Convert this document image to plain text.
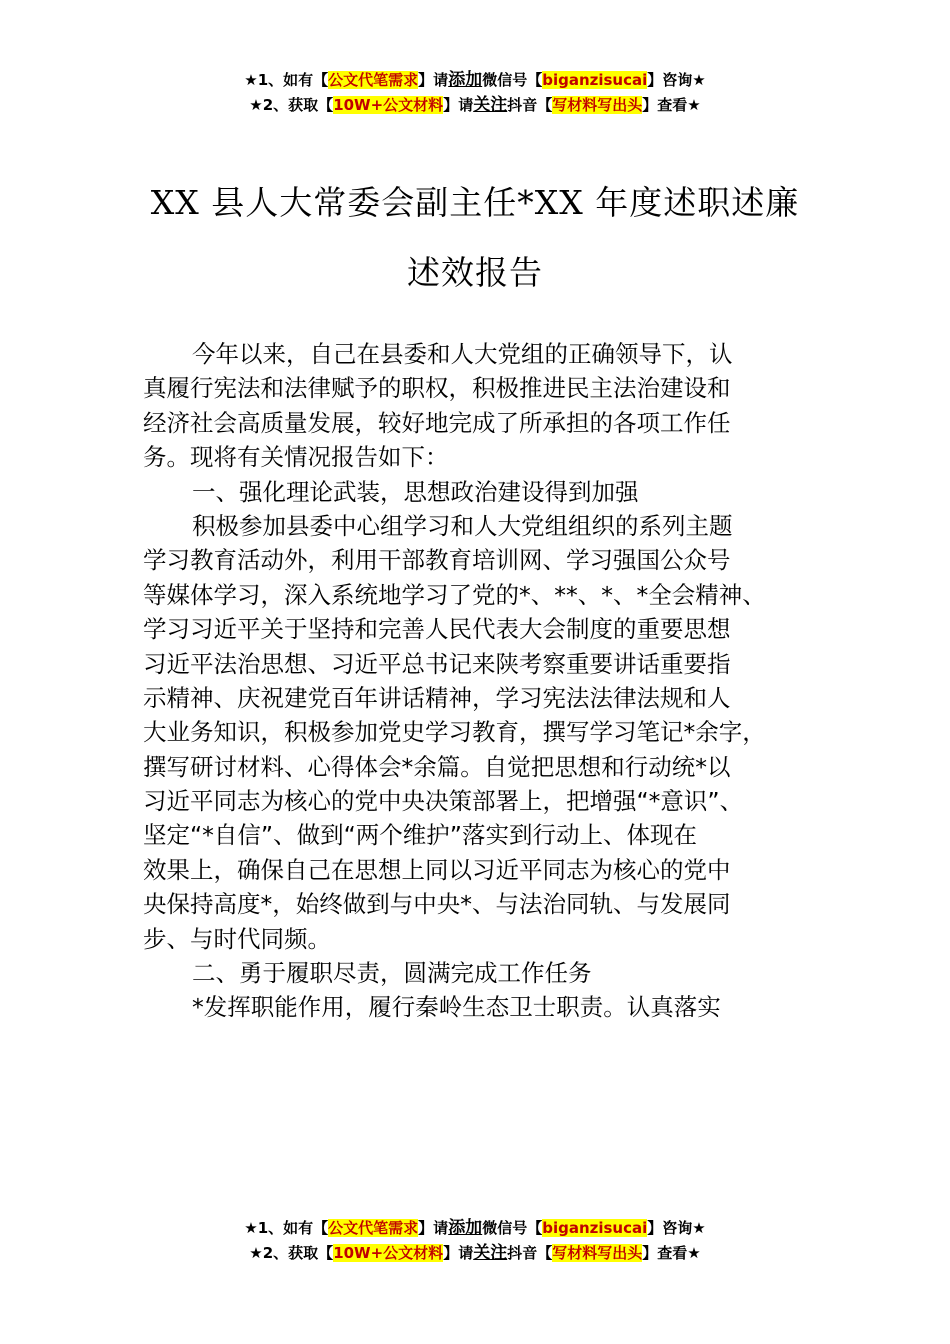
★1、如有【公文代笔需求】请添加微信号【biganzisucai】咨询★
★2、获取【10W+公文材料】请关注抖音【写材料写出头】查看★
XX 县人大常委会副主任*XX 年度述职述廉
述效报告
今年以来，自己在县委和人大党组的正确领导下，认
真履行宪法和法律赋予的职权，积极推进民主法治建设和
经济社会高质量发展，较好地完成了所承担的各项工作任
务。现将有关情况报告如下：
一、强化理论武装，思想政治建设得到加强
积极参加县委中心组学习和人大党组组织的系列主题
学习教育活动外，利用干部教育培训网、学习强国公众号
等媒体学习，深入系统地学习了党的*、**、*、*全会精神、
学习习近平关于坚持和完善人民代表大会制度的重要思想
习近平法治思想、习近平总书记来陕考察重要讲话重要指
示精神、庆祝建党百年讲话精神，学习宪法法律法规和人
大业务知识，积极参加党史学习教育，撰写学习笔记*余字，
撰写研讨材料、心得体会*余篇。自觉把思想和行动统*以
习近平同志为核心的党中央决策部署上，把增强“*意识”、
坚定“*自信”、做到“两个维护”落实到行动上、体现在
效果上，确保自己在思想上同以习近平同志为核心的党中
央保持高度*，始终做到与中央*、与法治同轨、与发展同
步、与时代同频。
二、勇于履职尽责，圆满完成工作任务
*发挥职能作用，履行秦岭生态卫士职责。认真落实
★1、如有【公文代笔需求】请添加微信号【biganzisucai】咨询★
★2、获取【10W+公文材料】请关注抖音【写材料写出头】查看★
